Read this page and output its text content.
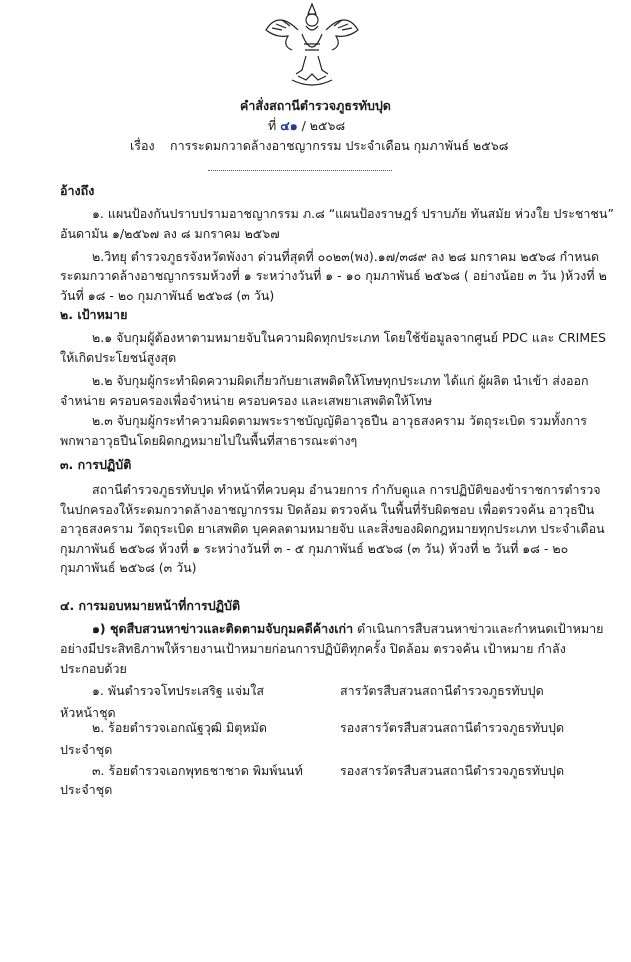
คำสั่งสถานีตำรวจภูธรทับปุด
ที่ ๔๑ / ๒๕๖๘
เรื่อง การระดมกวาดล้างอาชญากรรม ประจำเดือน กุมภาพันธ์ ๒๕๖๘
อ้างถึง
๑. แผนป้องกันปราบปรามอาชญากรรม ภ.๘ “แผนป้องราษฎร์ ปราบภัย ทันสมัย ห่วงใย ประชาชน”
อันดามัน ๑/๒๕๖๗ ลง ๘ มกราคม ๒๕๖๗
๒.วิทยุ ตำรวจภูธรจังหวัดพังงา ด่วนที่สุดที่ ๐๐๒๓(พง).๑๗/๓๘๙ ลง ๒๘ มกราคม ๒๕๖๘ กำหนด
ระดมกวาดล้างอาชญากรรมห้วงที่ ๑ ระหว่างวันที่ ๑ - ๑๐ กุมภาพันธ์ ๒๕๖๘ ( อย่างน้อย ๓ วัน )ห้วงที่ ๒
วันที่ ๑๘ - ๒๐ กุมภาพันธ์ ๒๕๖๘ (๓ วัน)
๒. เป้าหมาย
๒.๑ จับกุมผู้ต้องหาตามหมายจับในความผิดทุกประเภท โดยใช้ข้อมูลจากศูนย์ PDC และ CRIMES
ให้เกิดประโยชน์สูงสุด
๒.๒ จับกุมผู้กระทำผิดความผิดเกี่ยวกับยาเสพติดให้โทษทุกประเภท ได้แก่ ผู้ผลิต นำเข้า ส่งออก
จำหน่าย ครอบครองเพื่อจำหน่าย ครอบครอง และเสพยาเสพติดให้โทษ
๒.๓ จับกุมผู้กระทำความผิดตามพระราชบัญญัติอาวุธปืน อาวุธสงคราม วัตถุระเบิด รวมทั้งการ
พกพาอาวุธปืนโดยผิดกฎหมายไปในพื้นที่สาธารณะต่างๆ
๓. การปฏิบัติ
สถานีตำรวจภูธรทับปุด ทำหน้าที่ควบคุม อำนวยการ กำกับดูแล การปฏิบัติของข้าราชการตำรวจ
ในปกครองให้ระดมกวาดล้างอาชญากรรม ปิดล้อม ตรวจค้น ในพื้นที่รับผิดชอบ เพื่อตรวจค้น อาวุธปืน
อาวุธสงคราม วัตถุระเบิด ยาเสพติด บุคคลตามหมายจับ และสิ่งของผิดกฎหมายทุกประเภท ประจำเดือน
กุมภาพันธ์ ๒๕๖๘ ห้วงที่ ๑ ระหว่างวันที่ ๓ - ๕ กุมภาพันธ์ ๒๕๖๘ (๓ วัน) ห้วงที่ ๒ วันที่ ๑๘ - ๒๐
กุมภาพันธ์ ๒๕๖๘ (๓ วัน)
๔. การมอบหมายหน้าที่การปฏิบัติ
๑) ชุดสืบสวนหาข่าวและติดตามจับกุมคดีค้างเก่า ดำเนินการสืบสวนหาข่าวและกำหนดเป้าหมาย
อย่างมีประสิทธิภาพให้รายงานเป้าหมายก่อนการปฏิบัติทุกครั้ง ปิดล้อม ตรวจค้น เป้าหมาย กำลัง
ประกอบด้วย
๑. พันตำรวจโทประเสริฐ แจ่มใส	สารวัตรสืบสวนสถานีตำรวจภูธรทับปุด
หัวหน้าชุด
๒. ร้อยตำรวจเอกณัฐวุฒิ มิตุหมัด	รองสารวัตรสืบสวนสถานีตำรวจภูธรทับปุด
ประจำชุด
๓. ร้อยตำรวจเอกพุทธชาชาด พิมพ์นนท์	รองสารวัตรสืบสวนสถานีตำรวจภูธรทับปุด
ประจำชุด
